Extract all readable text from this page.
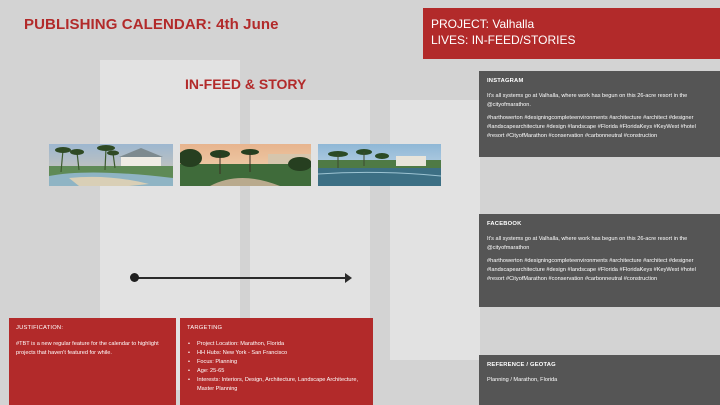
PUBLISHING CALENDAR: 4th June	PROJECT: Valhalla
LIVES: IN-FEED/STORIES
IN-FEED & STORY	INSTAGRAM

It's all systems go at Valhalla, where work has begun on this 26-acre resort in the @cityofmarathon.

#harthowerton #designingcompleteenvironments #architecture #architect #designer #landscapearchitecture #design #landscape #Florida #FloridaKeys #KeyWest #hotel #resort #CityofMarathon #conservation #carbonneutral #construction

FACEBOOK

It's all systems go at Valhalla, where work has begun on this 26-acre resort in the @cityofmarathon

#harthowerton #designingcompleteenvironments #architecture #architect #designer #landscapearchitecture #design #landscape #Florida #FloridaKeys #KeyWest #hotel #resort #CityofMarathon #conservation #carbonneutral #construction

JUSTIFICATION:
#TBT is a new regular feature for the calendar to highlight projects that haven't featured for while.
TARGETING
• Project Location: Marathon, Florida
• HH Hubs: New York - San Francisco
• Focus: Planning
• Age: 25-65
• Interests: Interiors, Design, Architecture, Landscape Architecture, Master Planning
REFERENCE / GEOTAG

Planning / Marathon, Florida
